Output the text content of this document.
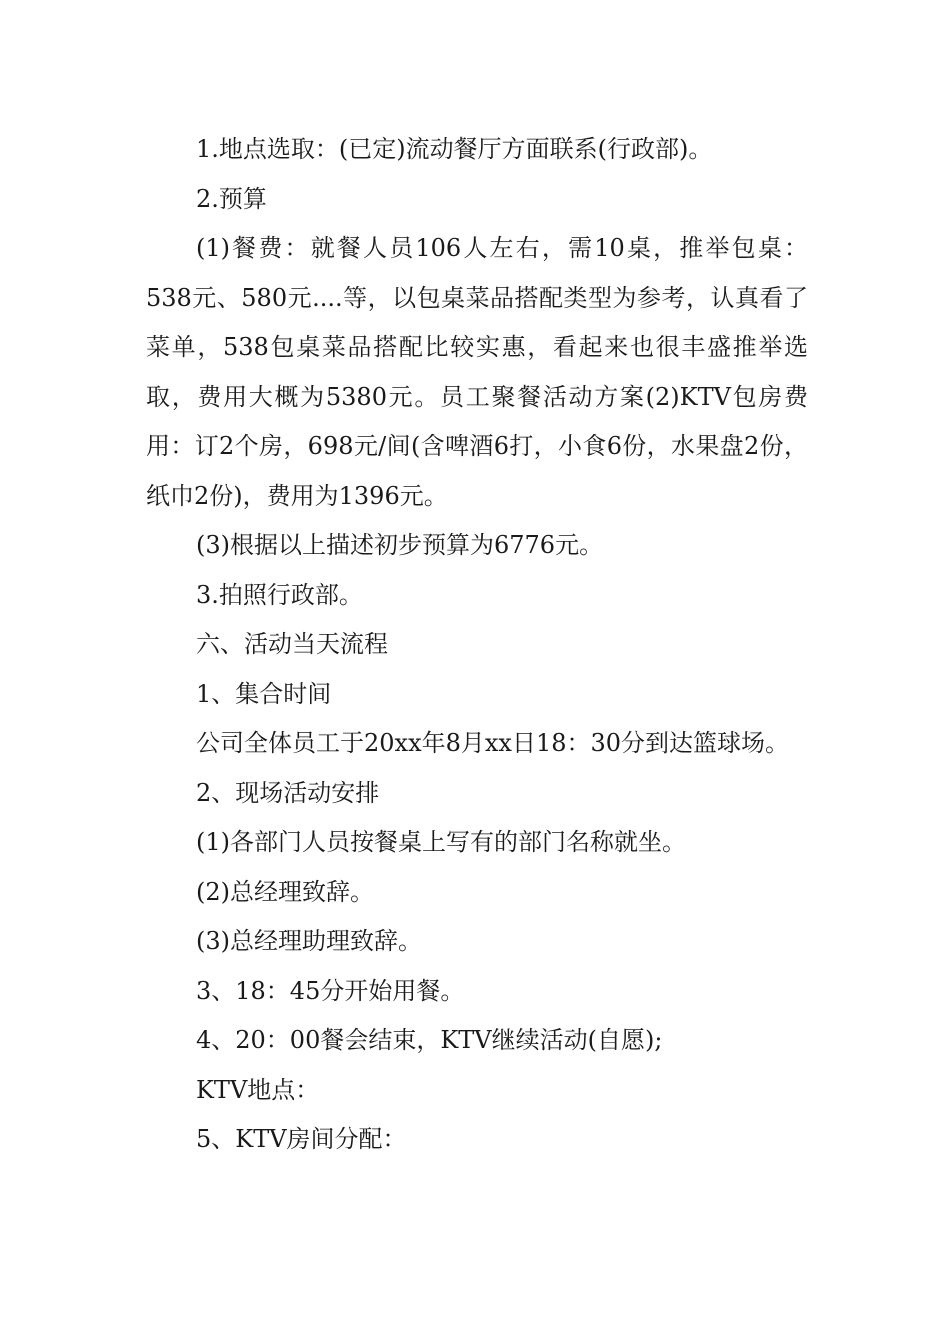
1.地点选取：(已定)流动餐厅方面联系(行政部)。

2.预算

(1)餐费：就餐人员106人左右，需10桌，推举包桌：538元、580元....等，以包桌菜品搭配类型为参考，认真看了菜单，538包桌菜品搭配比较实惠，看起来也很丰盛推举选取，费用大概为5380元。员工聚餐活动方案(2)KTV包房费用：订2个房，698元/间(含啤酒6打，小食6份，水果盘2份，纸巾2份)，费用为1396元。

(3)根据以上描述初步预算为6776元。

3.拍照行政部。

六、活动当天流程

1、集合时间

公司全体员工于20xx年8月xx日18：30分到达篮球场。

2、现场活动安排

(1)各部门人员按餐桌上写有的部门名称就坐。

(2)总经理致辞。

(3)总经理助理致辞。

3、18：45分开始用餐。

4、20：00餐会结束，KTV继续活动(自愿);

KTV地点：

5、KTV房间分配：
